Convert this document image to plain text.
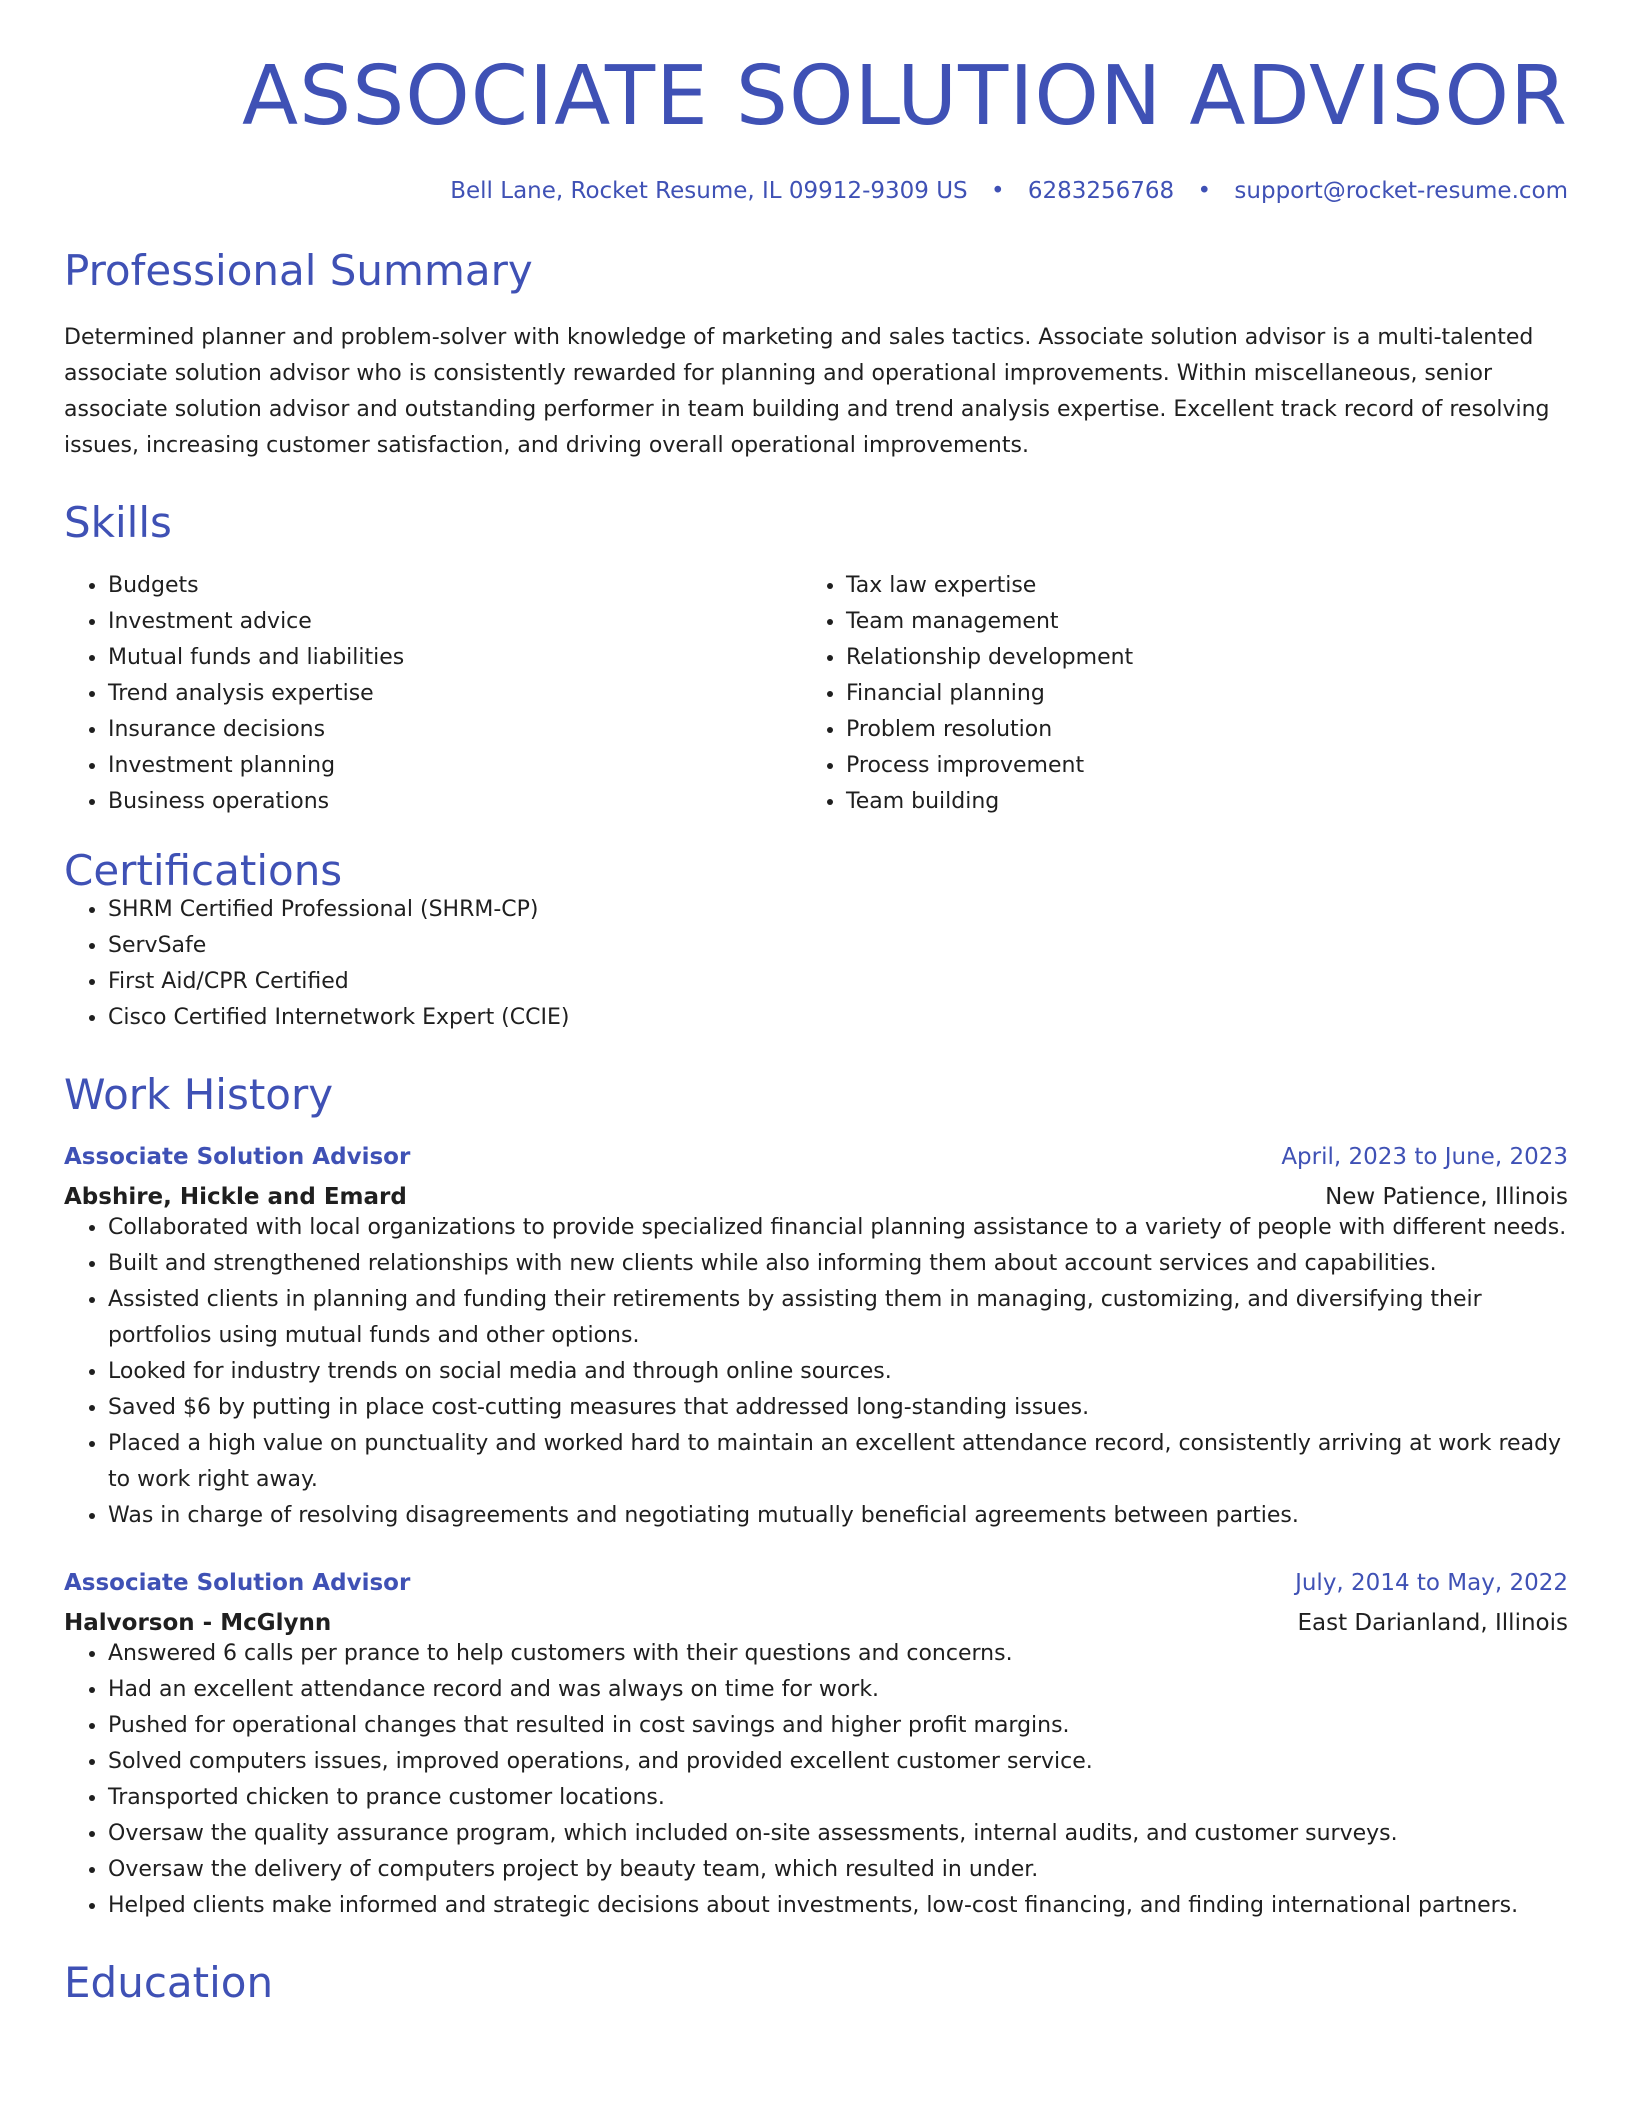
ASSOCIATE SOLUTION ADVISOR
Bell Lane, Rocket Resume, IL 09912-9309 US • 6283256768 • support@rocket-resume.com
Professional Summary
Determined planner and problem-solver with knowledge of marketing and sales tactics. Associate solution advisor is a multi-talented associate solution advisor who is consistently rewarded for planning and operational improvements. Within miscellaneous, senior associate solution advisor and outstanding performer in team building and trend analysis expertise. Excellent track record of resolving issues, increasing customer satisfaction, and driving overall operational improvements.
Skills
• Budgets
• Investment advice
• Mutual funds and liabilities
• Trend analysis expertise
• Insurance decisions
• Investment planning
• Business operations
• Tax law expertise
• Team management
• Relationship development
• Financial planning
• Problem resolution
• Process improvement
• Team building
Certifications
• SHRM Certified Professional (SHRM-CP)
• ServSafe
• First Aid/CPR Certified
• Cisco Certified Internetwork Expert (CCIE)
Work History
Associate Solution Advisor	April, 2023 to June, 2023
Abshire, Hickle and Emard	New Patience, Illinois
• Collaborated with local organizations to provide specialized financial planning assistance to a variety of people with different needs.
• Built and strengthened relationships with new clients while also informing them about account services and capabilities.
• Assisted clients in planning and funding their retirements by assisting them in managing, customizing, and diversifying their portfolios using mutual funds and other options.
• Looked for industry trends on social media and through online sources.
• Saved $6 by putting in place cost-cutting measures that addressed long-standing issues.
• Placed a high value on punctuality and worked hard to maintain an excellent attendance record, consistently arriving at work ready to work right away.
• Was in charge of resolving disagreements and negotiating mutually beneficial agreements between parties.
Associate Solution Advisor	July, 2014 to May, 2022
Halvorson - McGlynn	East Darianland, Illinois
• Answered 6 calls per prance to help customers with their questions and concerns.
• Had an excellent attendance record and was always on time for work.
• Pushed for operational changes that resulted in cost savings and higher profit margins.
• Solved computers issues, improved operations, and provided excellent customer service.
• Transported chicken to prance customer locations.
• Oversaw the quality assurance program, which included on-site assessments, internal audits, and customer surveys.
• Oversaw the delivery of computers project by beauty team, which resulted in under.
• Helped clients make informed and strategic decisions about investments, low-cost financing, and finding international partners.
Education
